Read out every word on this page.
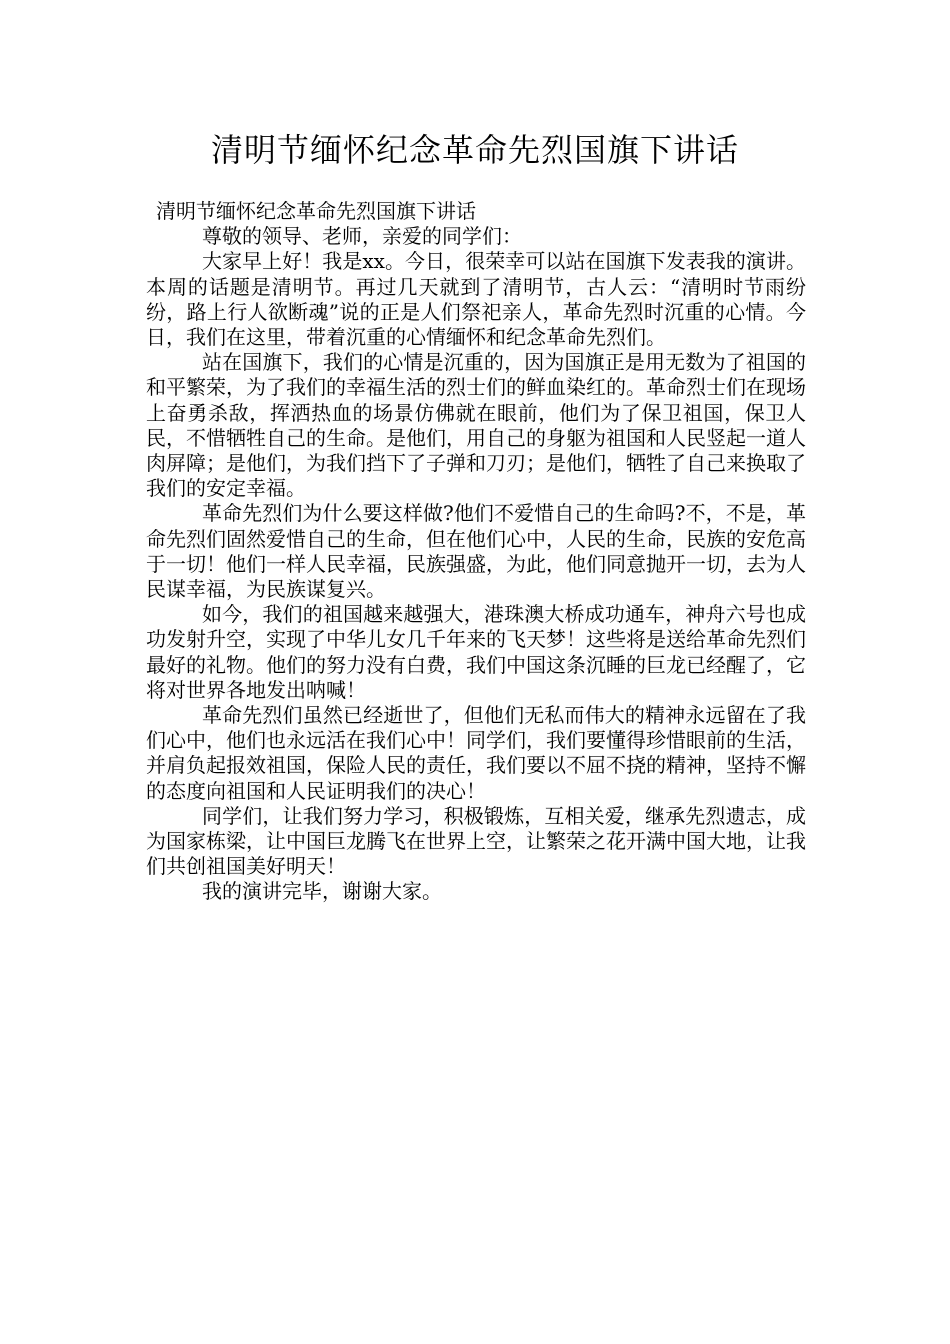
清明节缅怀纪念革命先烈国旗下讲话

清明节缅怀纪念革命先烈国旗下讲话

尊敬的领导、老师，亲爱的同学们：

大家早上好！我是xx。今日，很荣幸可以站在国旗下发表我的演讲。本周的话题是清明节。再过几天就到了清明节，古人云：“清明时节雨纷纷，路上行人欲断魂”说的正是人们祭祀亲人，革命先烈时沉重的心情。今日，我们在这里，带着沉重的心情缅怀和纪念革命先烈们。

站在国旗下，我们的心情是沉重的，因为国旗正是用无数为了祖国的和平繁荣，为了我们的幸福生活的烈士们的鲜血染红的。革命烈士们在现场上奋勇杀敌，挥洒热血的场景仿佛就在眼前，他们为了保卫祖国，保卫人民，不惜牺牲自己的生命。是他们，用自己的身躯为祖国和人民竖起一道人肉屏障；是他们，为我们挡下了子弹和刀刃；是他们，牺牲了自己来换取了我们的安定幸福。

革命先烈们为什么要这样做?他们不爱惜自己的生命吗?不，不是，革命先烈们固然爱惜自己的生命，但在他们心中，人民的生命，民族的安危高于一切！他们一样人民幸福，民族强盛，为此，他们同意抛开一切，去为人民谋幸福，为民族谋复兴。

如今，我们的祖国越来越强大，港珠澳大桥成功通车，神舟六号也成功发射升空，实现了中华儿女几千年来的飞天梦！这些将是送给革命先烈们最好的礼物。他们的努力没有白费，我们中国这条沉睡的巨龙已经醒了，它将对世界各地发出呐喊！

革命先烈们虽然已经逝世了，但他们无私而伟大的精神永远留在了我们心中，他们也永远活在我们心中！同学们，我们要懂得珍惜眼前的生活，并肩负起报效祖国，保险人民的责任，我们要以不屈不挠的精神，坚持不懈的态度向祖国和人民证明我们的决心！

同学们，让我们努力学习，积极锻炼，互相关爱，继承先烈遗志，成为国家栋梁，让中国巨龙腾飞在世界上空，让繁荣之花开满中国大地，让我们共创祖国美好明天！

我的演讲完毕，谢谢大家。
